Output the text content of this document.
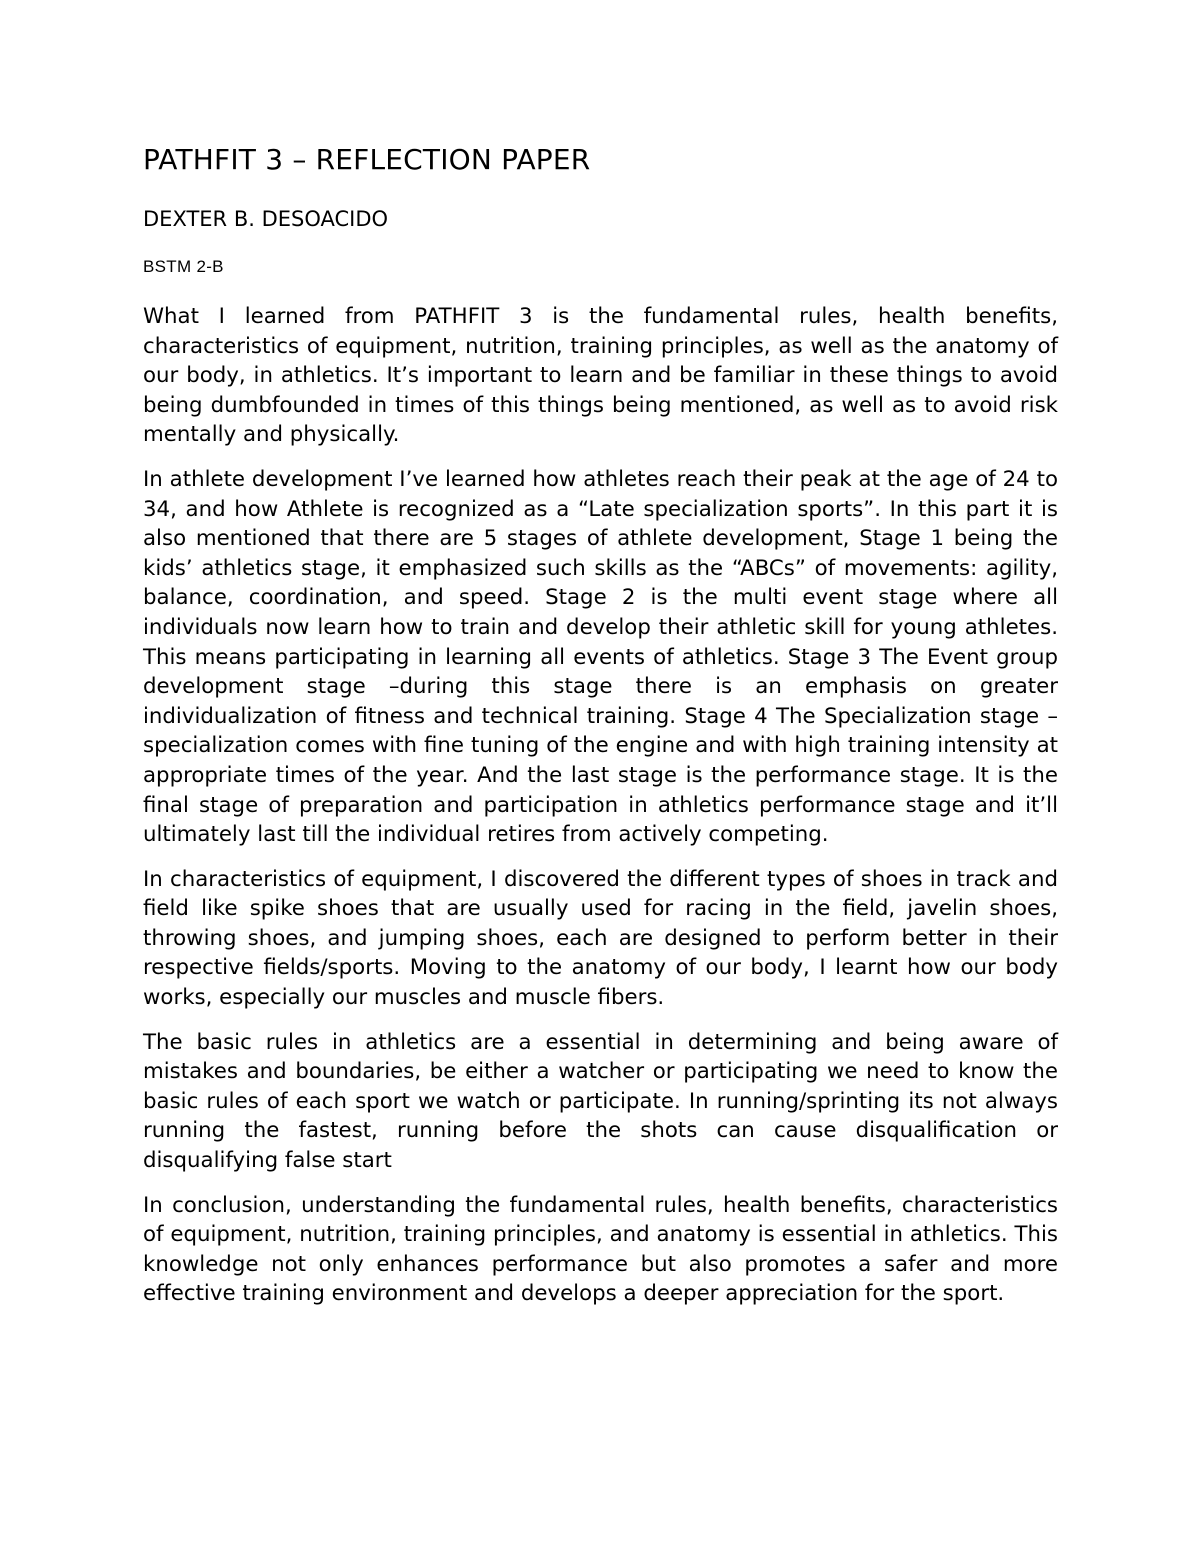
PATHFIT 3 – REFLECTION PAPER

DEXTER B. DESOACIDO

BSTM 2-B

What I learned from PATHFIT 3 is the fundamental rules, health benefits, characteristics of equipment, nutrition, training principles, as well as the anatomy of our body, in athletics. It’s important to learn and be familiar in these things to avoid being dumbfounded in times of this things being mentioned, as well as to avoid risk mentally and physically.

In athlete development I’ve learned how athletes reach their peak at the age of 24 to 34, and how Athlete is recognized as a “Late specialization sports”. In this part it is also mentioned that there are 5 stages of athlete development, Stage 1 being the kids’ athletics stage, it emphasized such skills as the “ABCs” of movements: agility, balance, coordination, and speed. Stage 2 is the multi event stage where all individuals now learn how to train and develop their athletic skill for young athletes. This means participating in learning all events of athletics. Stage 3 The Event group development stage –during this stage there is an emphasis on greater individualization of fitness and technical training. Stage 4 The Specialization stage – specialization comes with fine tuning of the engine and with high training intensity at appropriate times of the year. And the last stage is the performance stage. It is the final stage of preparation and participation in athletics performance stage and it’ll ultimately last till the individual retires from actively competing.

In characteristics of equipment, I discovered the different types of shoes in track and field like spike shoes that are usually used for racing in the field, javelin shoes, throwing shoes, and jumping shoes, each are designed to perform better in their respective fields/sports. Moving to the anatomy of our body, I learnt how our body works, especially our muscles and muscle fibers.

The basic rules in athletics are a essential in determining and being aware of mistakes and boundaries, be either a watcher or participating we need to know the basic rules of each sport we watch or participate. In running/sprinting its not always running the fastest, running before the shots can cause disqualification or disqualifying false start

In conclusion, understanding the fundamental rules, health benefits, characteristics of equipment, nutrition, training principles, and anatomy is essential in athletics. This knowledge not only enhances performance but also promotes a safer and more effective training environment and develops a deeper appreciation for the sport.
